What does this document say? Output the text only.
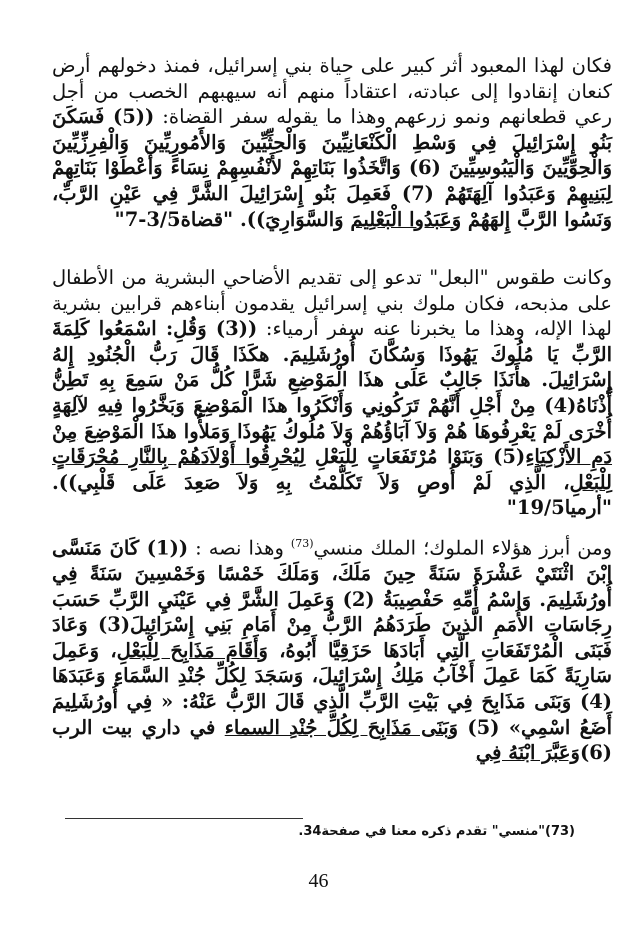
فكان لهذا المعبود أثر كبير على حياة بني إسرائيل، فمنذ دخولهم أرض كنعان إنقادوا إلى عبادته، اعتقاداً منهم أنه سيهبهم الخصب من أجل رعي قطعانهم ونمو زرعهم وهذا ما يقوله سفر القضاة: ((5) فَسَكَنَ بَنُو إِسْرَائِيلَ فِي وَسْطِ الْكَنْعَانِيِّينَ وَالْحِثِّيِّينَ وَالأَمُورِيِّينَ وَالْفِرِزِّيِّينَ وَالْحِوِّيِّينَ وَالْيَبُوسِيِّينَ (6) وَاتَّخَذُوا بَنَاتِهِمْ لأَنْفُسِهِمْ نِسَاءً وَأَعْطَوْا بَنَاتِهِمْ لِبَنِيهِمْ وَعَبَدُوا آلِهَتَهُمْ (7) فَعَمِلَ بَنُو إِسْرَائِيلَ الشَّرَّ فِي عَيْنِ الرَّبِّ، وَنَسُوا الرَّبَّ إِلهَهُمْ وَعَبَدُوا الْبَعْلِيمَ وَالسَّوَارِيَ)). "قضاة3/5-7"

وكانت طقوس "البعل" تدعو إلى تقديم الأضاحي البشرية من الأطفال على مذبحه، فكان ملوك بني إسرائيل يقدمون أبناءهم قرابين بشرية لهذا الإله، وهذا ما يخبرنا عنه سفر أرمياء: ((3) وَقُلِ: اسْمَعُوا كَلِمَةَ الرَّبِّ يَا مُلُوكَ يَهُوذَا وَسُكَّانَ أُورُشَلِيمَ. هكَذَا قَالَ رَبُّ الْجُنُودِ إِلهُ إِسْرَائِيلَ. هأَنَذَا جَالِبٌ عَلَى هذَا الْمَوْضِعِ شَرًّا كُلُّ مَنْ سَمِعَ بِهِ تَطِنُّ أُذْنَاهُ(4) مِنْ أَجْلِ أَنَّهُمْ تَرَكُونِي وَأَنْكَرُوا هذَا الْمَوْضِعَ وَبَخَّرُوا فِيهِ لآلِهَةٍ أُخْرَى لَمْ يَعْرِفُوهَا هُمْ وَلاَ آبَاؤُهُمْ وَلاَ مُلُوكُ يَهُوذَا وَمَلأُوا هذَا الْمَوْضِعَ مِنْ دَمِ الأَزْكِيَاءِ(5) وَبَنَوْا مُرْتَفَعَاتٍ لِلْبَعْلِ لِيُحْرِقُوا أَوْلاَدَهُمْ بِالنَّارِ مُحْرَقَاتٍ لِلْبَعْلِ، الَّذِي لَمْ أُوصِ وَلاَ تَكَلَّمْتُ بِهِ وَلاَ صَعِدَ عَلَى قَلْبِي)). "أرميا19/5"

ومن أبرز هؤلاء الملوك؛ الملك منسي$^{(73)}$ وهذا نصه : ((1) كَانَ مَنَسَّى ابْنَ اثْنَتَيْ عَشْرَةَ سَنَةً حِينَ مَلَكَ، وَمَلَكَ خَمْسًا وَخَمْسِينَ سَنَةً فِي أُورُشَلِيمَ. وَاسْمُ أُمِّهِ حَفْصِيبَةُ (2) وَعَمِلَ الشَّرَّ فِي عَيْنَيِ الرَّبِّ حَسَبَ رِجَاسَاتِ الأُمَمِ الَّذِينَ طَرَدَهُمُ الرَّبُّ مِنْ أَمَامِ بَنِي إِسْرَائِيلَ(3) وَعَادَ فَبَنَى الْمُرْتَفَعَاتِ الَّتِي أَبَادَهَا حَزَقِيَّا أَبُوهُ، وَأَقَامَ مَذَابِحَ لِلْبَعْلِ، وَعَمِلَ سَارِيَةً كَمَا عَمِلَ أَخْآبُ مَلِكُ إِسْرَائِيلَ، وَسَجَدَ لِكُلِّ جُنْدِ السَّمَاءِ وَعَبَدَهَا (4) وَبَنَى مَذَابِحَ فِي بَيْتِ الرَّبِّ الَّذِي قَالَ الرَّبُّ عَنْهُ: « فِي أُورُشَلِيمَ أَضَعُ اسْمِي» (5) وَبَنَى مَذَابِحَ لِكُلِّ جُنْدِ السماء في داري بيت الرب (6)وَعَبَّرَ ابْنَهُ فِي

(73)"منسي" تقدم ذكره معنا في صفحة34.
46
